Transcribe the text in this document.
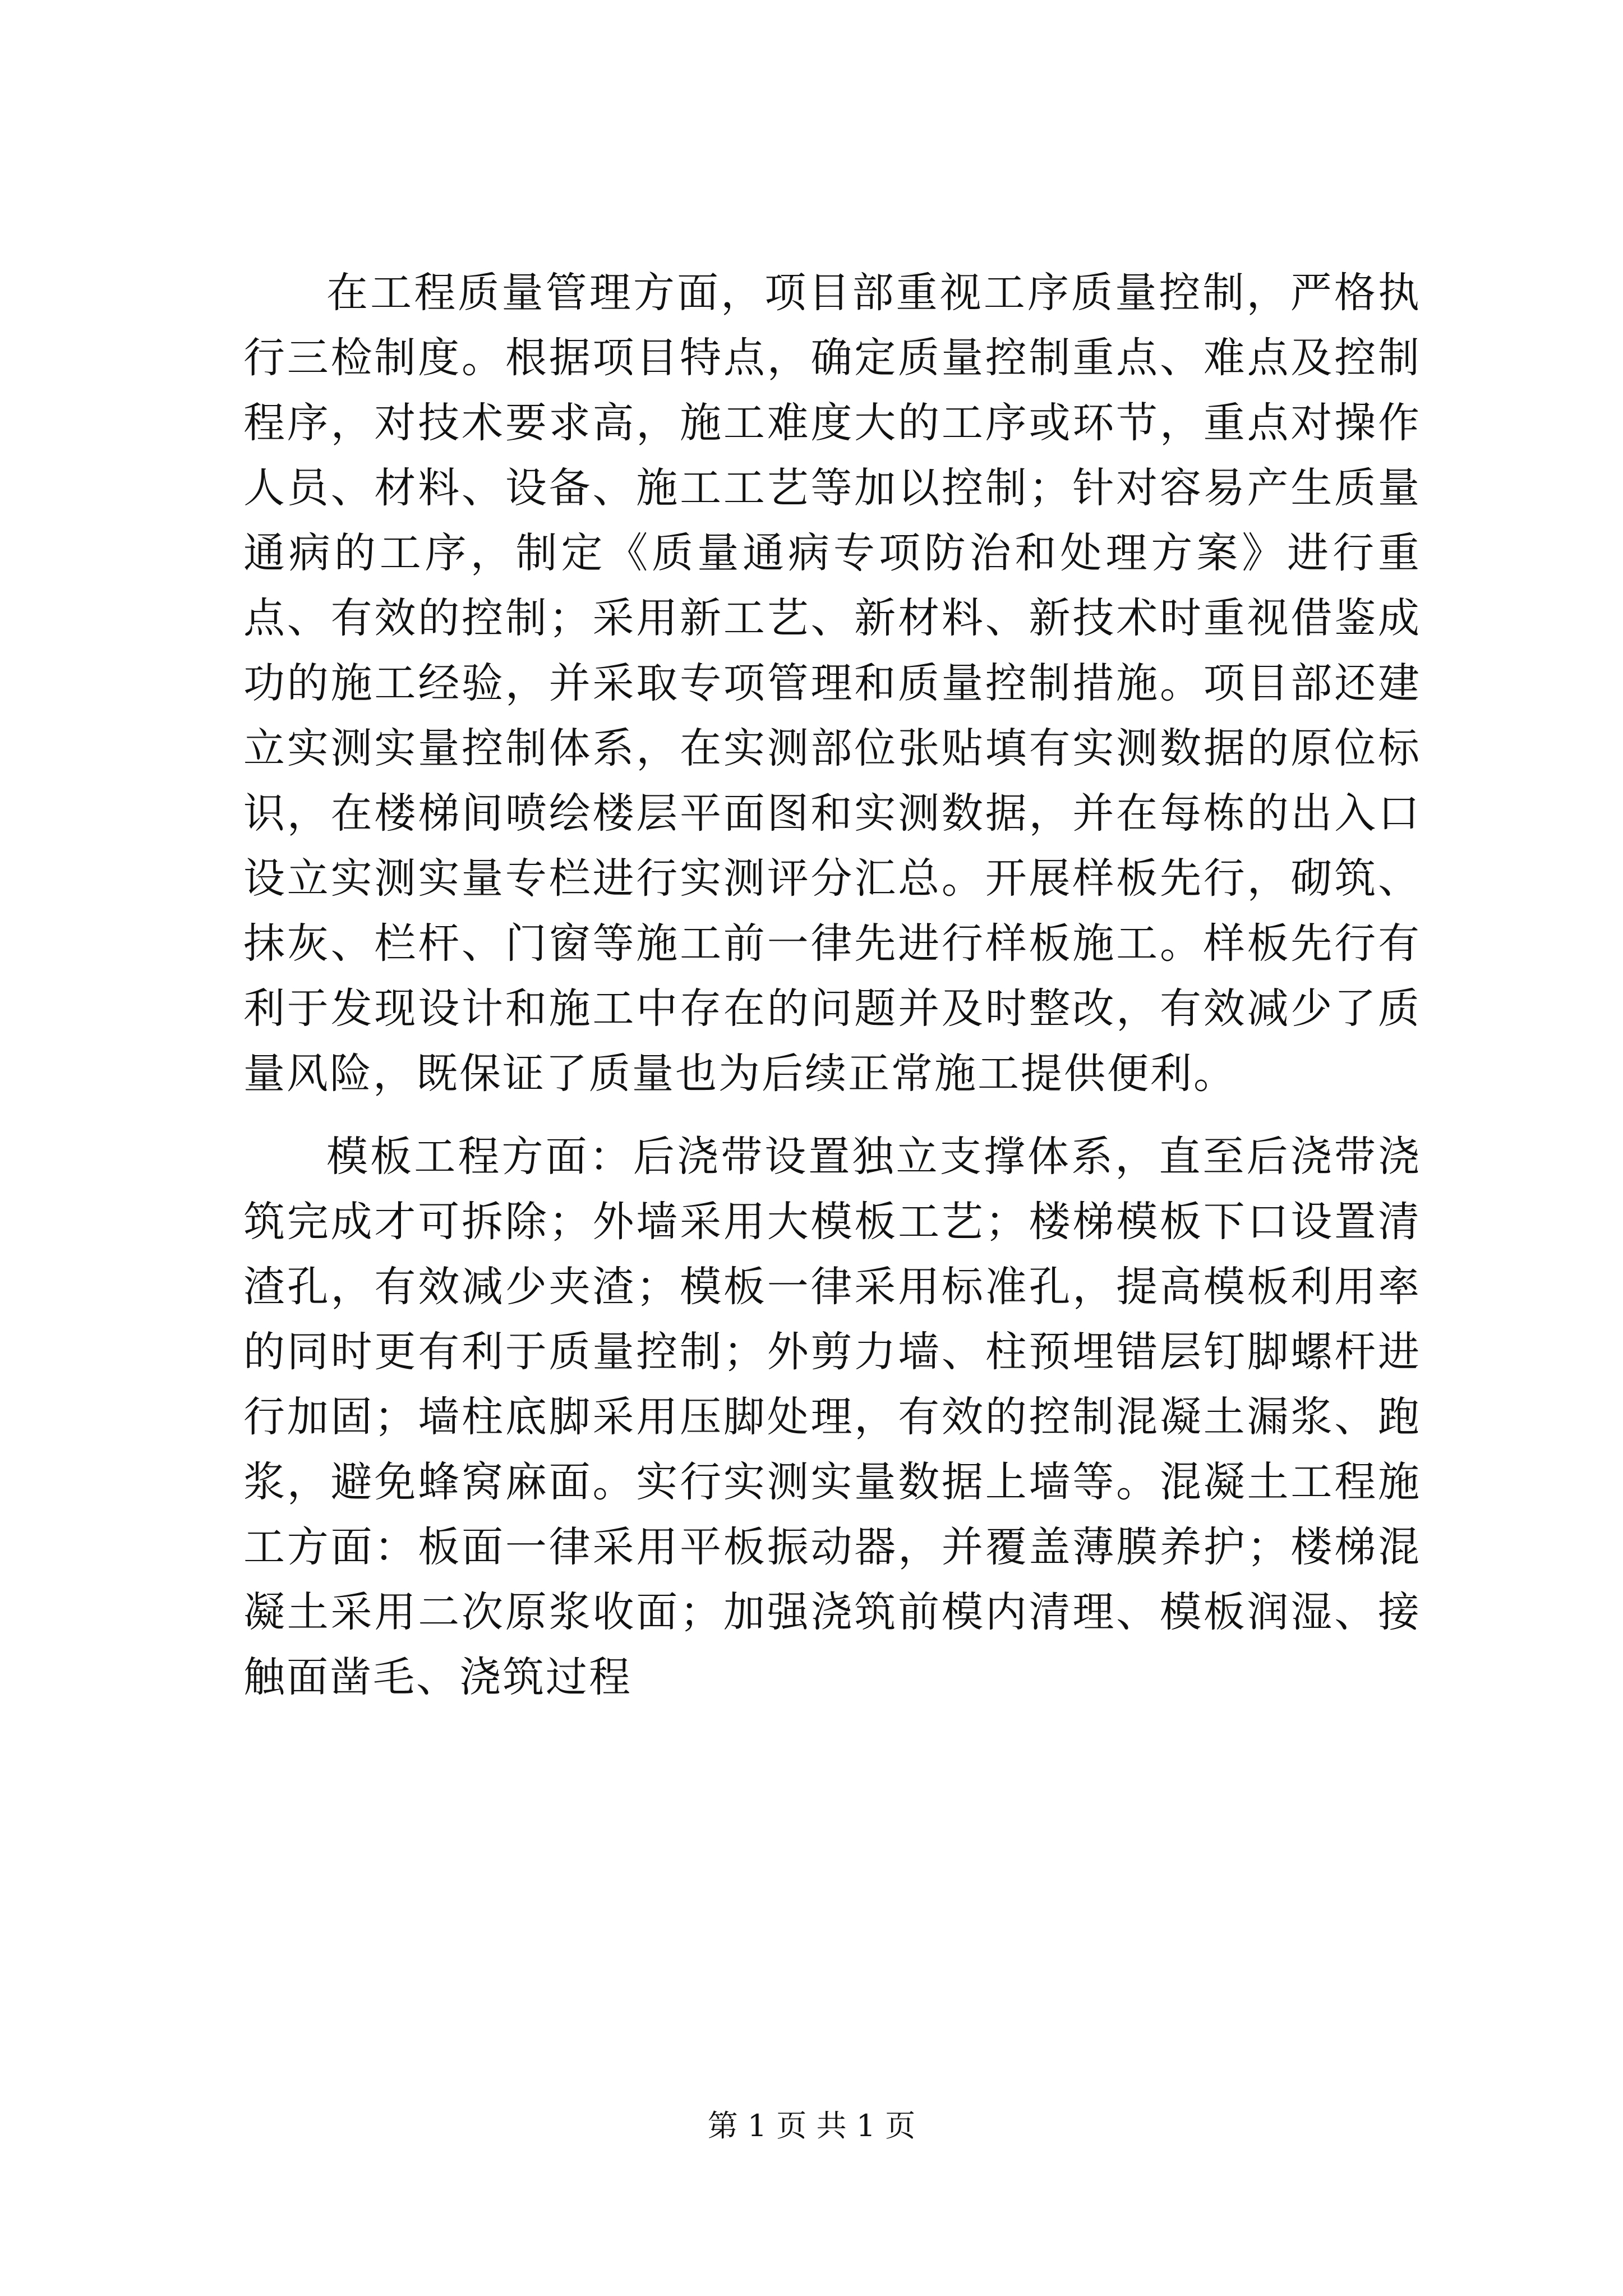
在工程质量管理方面，项目部重视工序质量控制，严格执行三检制度。根据项目特点，确定质量控制重点、难点及控制程序，对技术要求高，施工难度大的工序或环节，重点对操作人员、材料、设备、施工工艺等加以控制；针对容易产生质量通病的工序，制定《质量通病专项防治和处理方案》进行重点、有效的控制；采用新工艺、新材料、新技术时重视借鉴成功的施工经验，并采取专项管理和质量控制措施。项目部还建立实测实量控制体系，在实测部位张贴填有实测数据的原位标识，在楼梯间喷绘楼层平面图和实测数据，并在每栋的出入口设立实测实量专栏进行实测评分汇总。开展样板先行，砌筑、抹灰、栏杆、门窗等施工前一律先进行样板施工。样板先行有利于发现设计和施工中存在的问题并及时整改，有效减少了质量风险，既保证了质量也为后续正常施工提供便利。

模板工程方面：后浇带设置独立支撑体系，直至后浇带浇筑完成才可拆除；外墙采用大模板工艺；楼梯模板下口设置清渣孔，有效减少夹渣；模板一律采用标准孔，提高模板利用率的同时更有利于质量控制；外剪力墙、柱预埋错层钉脚螺杆进行加固；墙柱底脚采用压脚处理，有效的控制混凝土漏浆、跑浆，避免蜂窝麻面。实行实测实量数据上墙等。混凝土工程施工方面：板面一律采用平板振动器，并覆盖薄膜养护；楼梯混凝土采用二次原浆收面；加强浇筑前模内清理、模板润湿、接触面凿毛、浇筑过程

第 1 页 共 1 页
